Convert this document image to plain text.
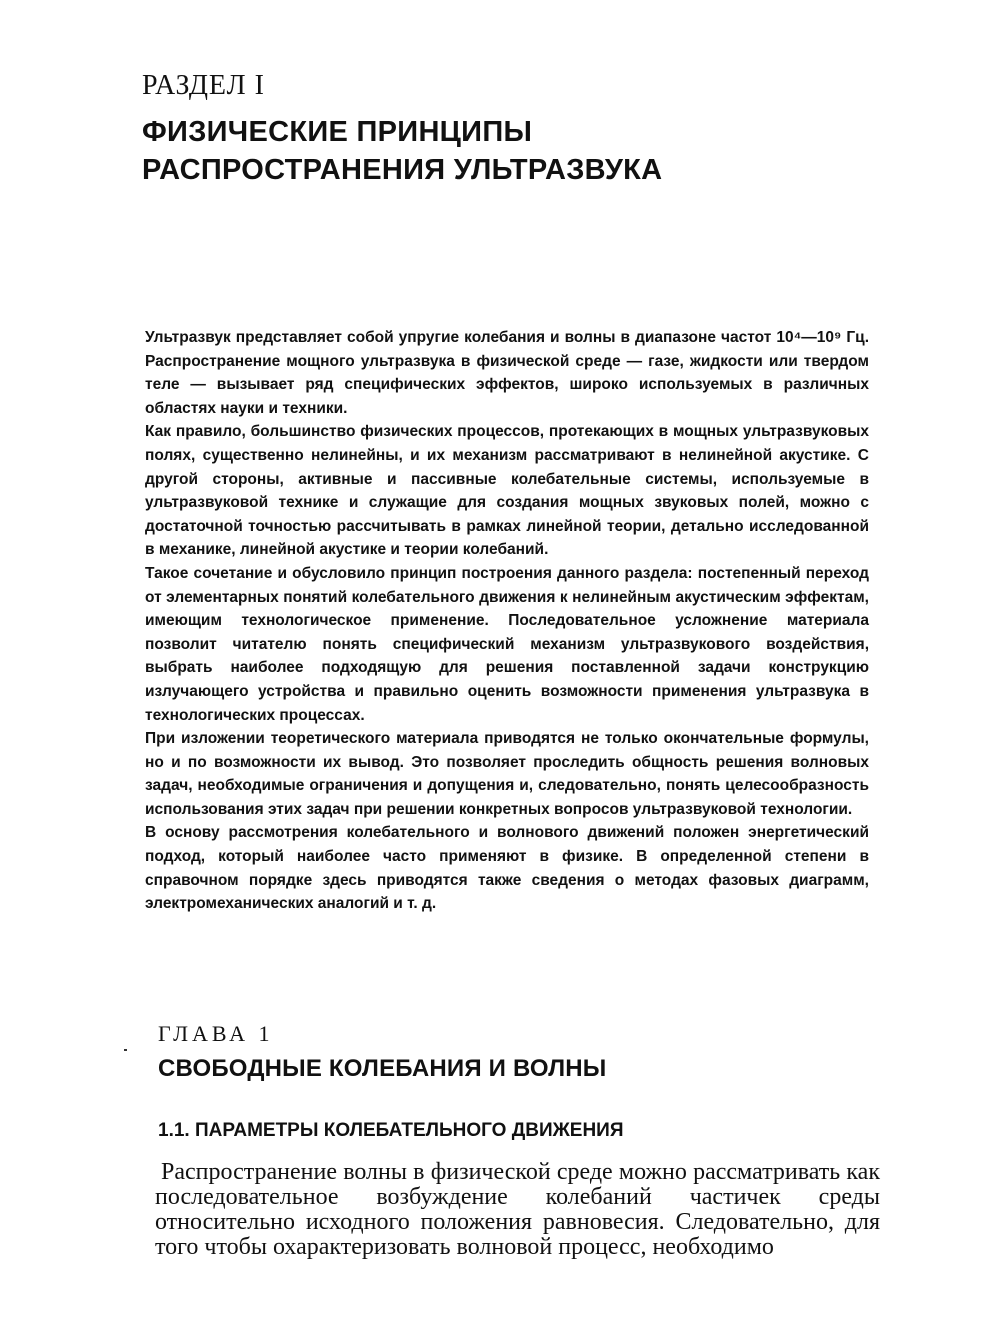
РАЗДЕЛ I
ФИЗИЧЕСКИЕ ПРИНЦИПЫ
РАСПРОСТРАНЕНИЯ УЛЬТРАЗВУКА

Ультразвук представляет собой упругие колебания и волны в диапазоне частот 10⁴—10⁹ Гц. Распространение мощного ультразвука в физической среде — газе, жидкости или твердом теле — вызывает ряд специфических эффектов, широко используемых в различных областях науки и техники.

Как правило, большинство физических процессов, протекающих в мощных ультразвуковых полях, существенно нелинейны, и их механизм рассматривают в нелинейной акустике. С другой стороны, активные и пассивные колебательные системы, используемые в ультразвуковой технике и служащие для создания мощных звуковых полей, можно с достаточной точностью рассчитывать в рамках линейной теории, детально исследованной в механике, линейной акустике и теории колебаний.

Такое сочетание и обусловило принцип построения данного раздела: постепенный переход от элементарных понятий колебательного движения к нелинейным акустическим эффектам, имеющим технологическое применение. Последовательное усложнение материала позволит читателю понять специфический механизм ультразвукового воздействия, выбрать наиболее подходящую для решения поставленной задачи конструкцию излучающего устройства и правильно оценить возможности применения ультразвука в технологических процессах.

При изложении теоретического материала приводятся не только окончательные формулы, но и по возможности их вывод. Это позволяет проследить общность решения волновых задач, необходимые ограничения и допущения и, следовательно, понять целесообразность использования этих задач при решении конкретных вопросов ультразвуковой технологии.

В основу рассмотрения колебательного и волнового движений положен энергетический подход, который наиболее часто применяют в физике. В определенной степени в справочном порядке здесь приводятся также сведения о методах фазовых диаграмм, электромеханических аналогий и т. д.

ГЛАВА 1
СВОБОДНЫЕ КОЛЕБАНИЯ И ВОЛНЫ
1.1. ПАРАМЕТРЫ КОЛЕБАТЕЛЬНОГО ДВИЖЕНИЯ

Распространение волны в физической среде можно рассматривать как последовательное возбуждение колебаний частичек среды относительно исходного положения равновесия. Следовательно, для того чтобы охарактеризовать волновой процесс, необходимо
